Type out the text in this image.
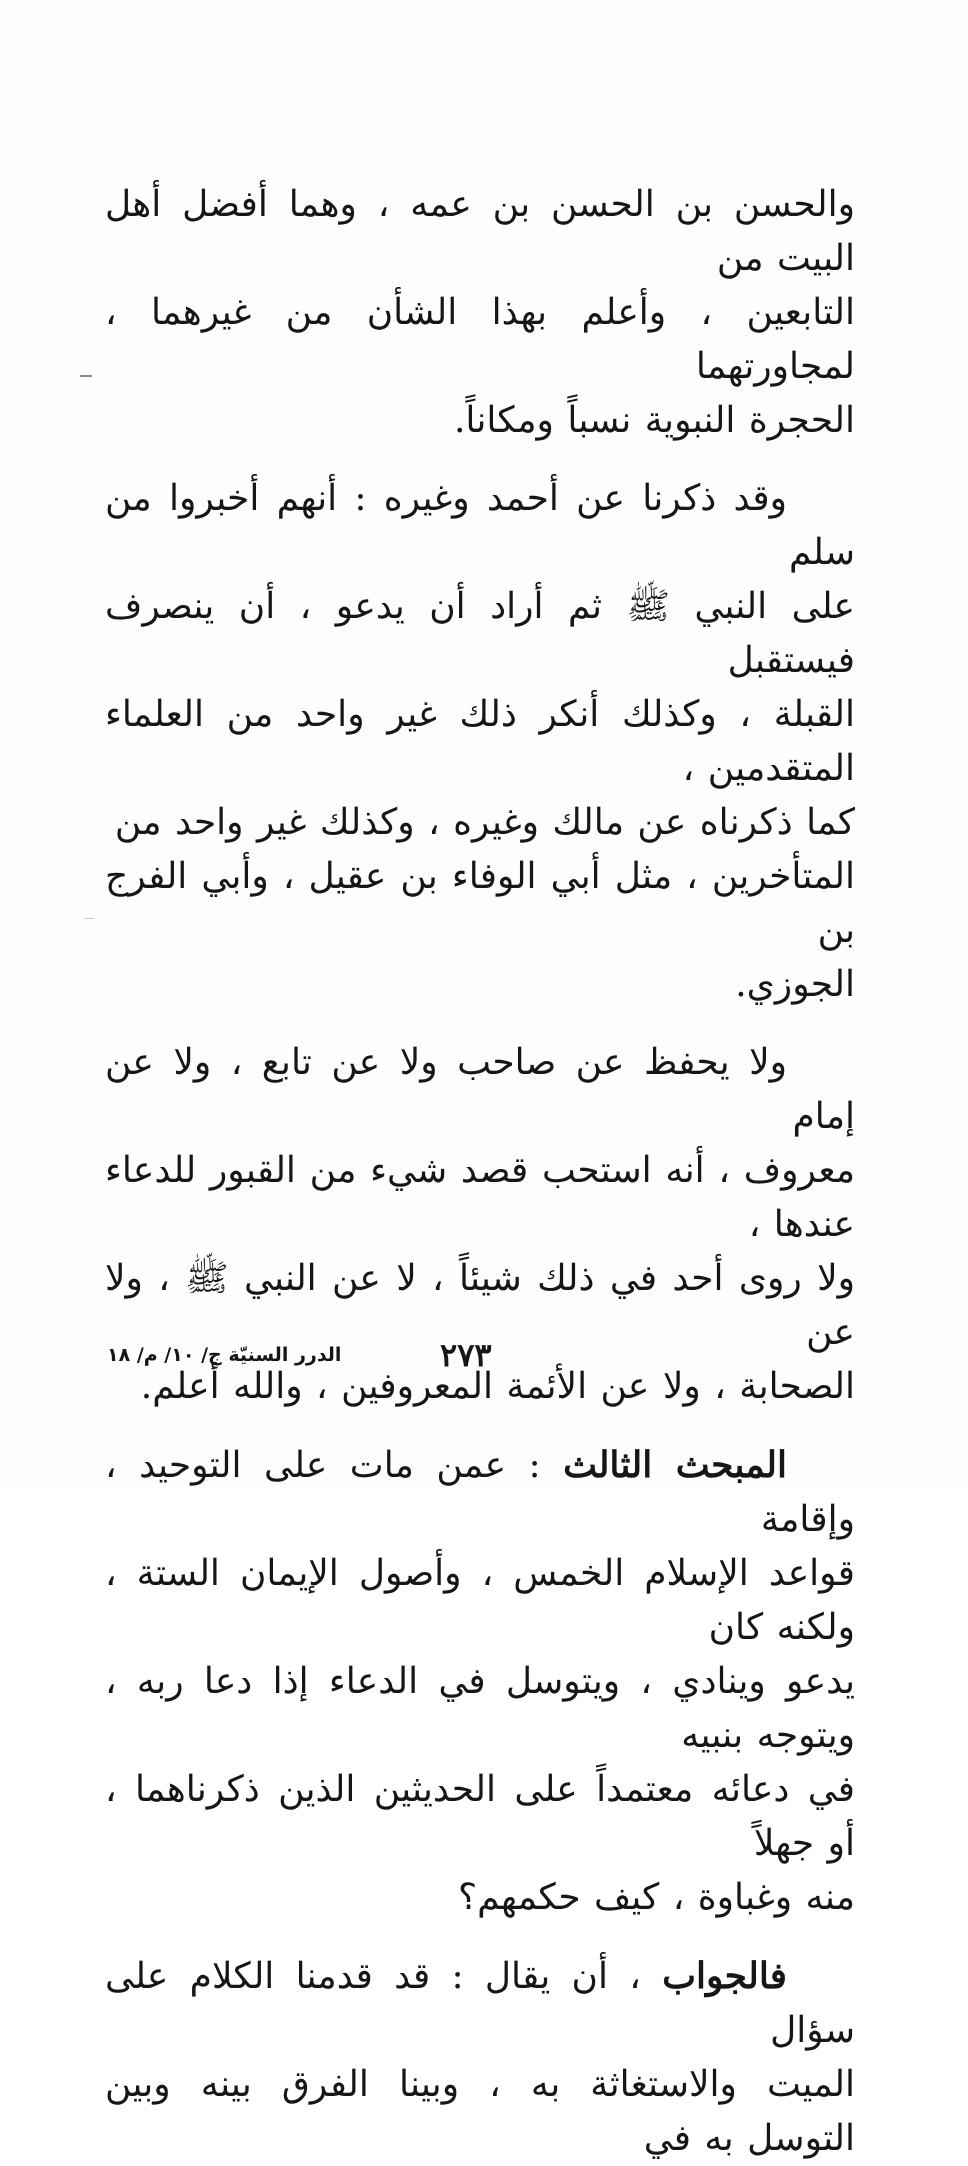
والحسن بن الحسن بن عمه ، وهما أفضل أهل البيت من
التابعين ، وأعلم بهذا الشأن من غيرهما ، لمجاورتهما
الحجرة النبوية نسباً ومكاناً.

وقد ذكرنا عن أحمد وغيره : أنهم أخبروا من سلم
على النبي ﷺ ثم أراد أن يدعو ، أن ينصرف فيستقبل
القبلة ، وكذلك أنكر ذلك غير واحد من العلماء المتقدمين ،
كما ذكرناه عن مالك وغيره ، وكذلك غير واحد من
المتأخرين ، مثل أبي الوفاء بن عقيل ، وأبي الفرج بن
الجوزي.

ولا يحفظ عن صاحب ولا عن تابع ، ولا عن إمام
معروف ، أنه استحب قصد شيء من القبور للدعاء عندها ،
ولا روى أحد في ذلك شيئاً ، لا عن النبي ﷺ ، ولا عن
الصحابة ، ولا عن الأئمة المعروفين ، والله أعلم.

المبحث الثالث : عمن مات على التوحيد ، وإقامة
قواعد الإسلام الخمس ، وأصول الإيمان الستة ، ولكنه كان
يدعو وينادي ، ويتوسل في الدعاء إذا دعا ربه ، ويتوجه بنبيه
في دعائه معتمداً على الحديثين الذين ذكرناهما ، أو جهلاً
منه وغباوة ، كيف حكمهم؟

فالجواب ، أن يقال : قد قدمنا الكلام على سؤال
الميت والاستغاثة به ، وبينا الفرق بينه وبين التوسل به في

٢٧٣
الدرر السنيّة ج/ ١٠/ م/ ١٨
